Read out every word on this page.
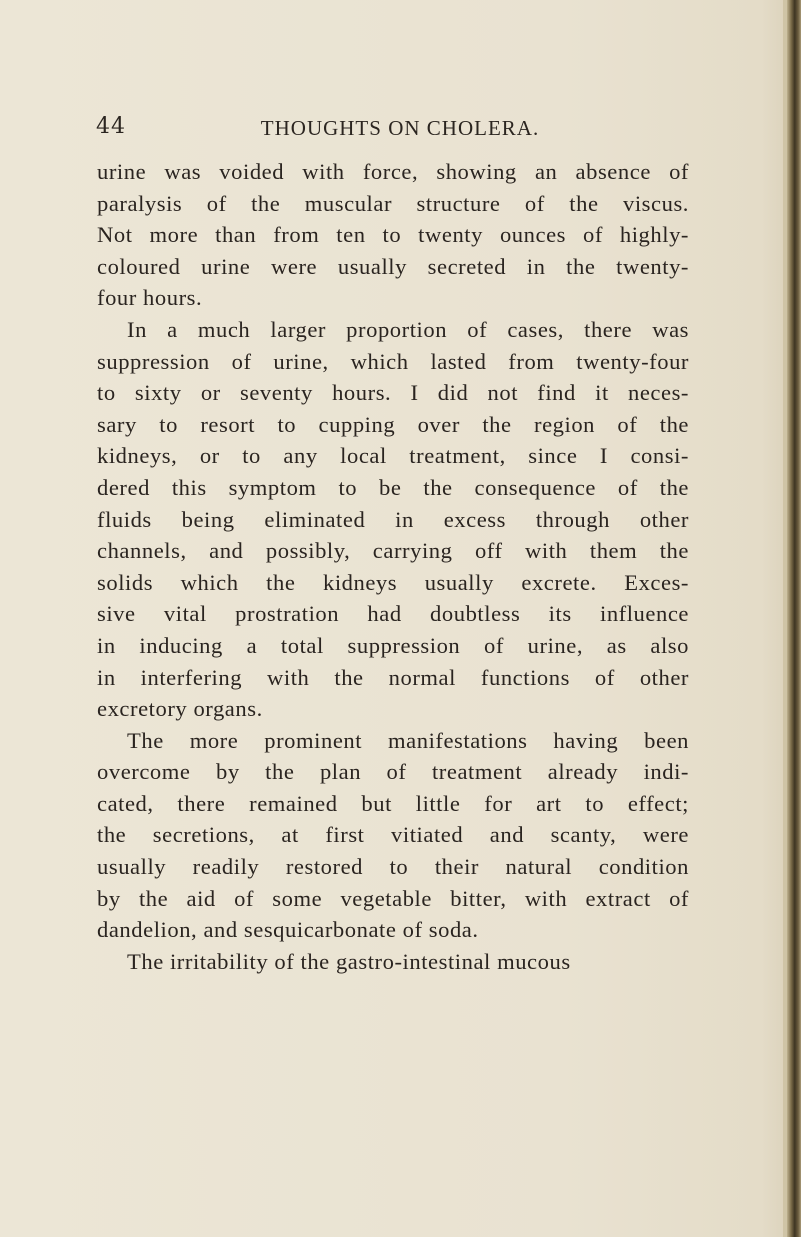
44	THOUGHTS ON CHOLERA.
urine was voided with force, showing an absence of
paralysis of the muscular structure of the viscus.
Not more than from ten to twenty ounces of highly-
coloured urine were usually secreted in the twenty-
four hours.
In a much larger proportion of cases, there was
suppression of urine, which lasted from twenty-four
to sixty or seventy hours. I did not find it neces-
sary to resort to cupping over the region of the
kidneys, or to any local treatment, since I consi-
dered this symptom to be the consequence of the
fluids being eliminated in excess through other
channels, and possibly, carrying off with them the
solids which the kidneys usually excrete. Exces-
sive vital prostration had doubtless its influence
in inducing a total suppression of urine, as also
in interfering with the normal functions of other
excretory organs.
The more prominent manifestations having been
overcome by the plan of treatment already indi-
cated, there remained but little for art to effect;
the secretions, at first vitiated and scanty, were
usually readily restored to their natural condition
by the aid of some vegetable bitter, with extract of
dandelion, and sesquicarbonate of soda.
The irritability of the gastro-intestinal mucous
